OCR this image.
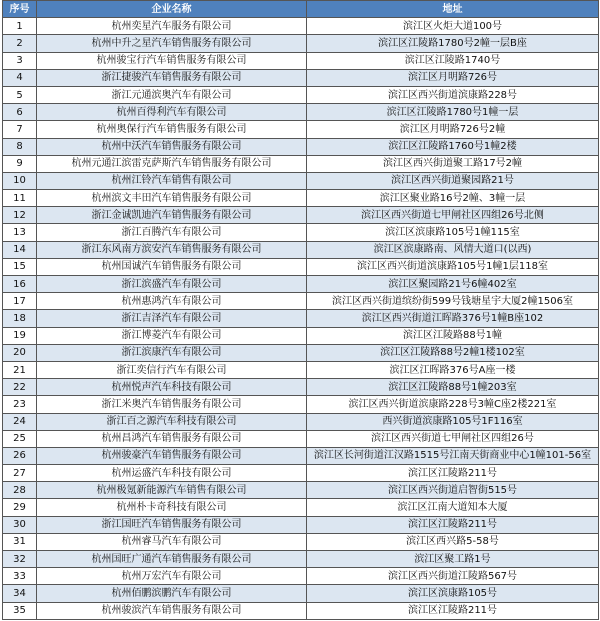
序号	企业名称	地址
1	杭州奕星汽车服务有限公司	滨江区火炬大道100号
2	杭州中升之星汽车销售服务有限公司	滨江区江陵路1780号2幢一层B座
3	杭州骏宝行汽车销售服务有限公司	滨江区江陵路1740号
4	浙江捷骏汽车销售服务有限公司	滨江区月明路726号
5	浙江元通滨奥汽车有限公司	滨江区西兴街道滨康路228号
6	杭州百得利汽车有限公司	滨江区江陵路1780号1幢一层
7	杭州奥保行汽车销售服务有限公司	滨江区月明路726号2幢
8	杭州中沃汽车销售服务有限公司	滨江区江陵路1760号1幢2楼
9	杭州元通江滨雷克萨斯汽车销售服务有限公司	滨江区西兴街道聚工路17号2幢
10	杭州江铃汽车销售有限公司	滨江区西兴街道聚园路21号
11	杭州滨文丰田汽车销售服务有限公司	滨江区聚业路16号2幢、3幢一层
12	浙江金诚凯迪汽车销售服务有限公司	滨江区西兴街道七甲闸社区四组26号北侧
13	浙江百腾汽车有限公司	滨江区滨康路105号1幢115室
14	浙江东风南方滨安汽车销售服务有限公司	滨江区滨康路南、风情大道口(以西)
15	杭州国诚汽车销售服务有限公司	滨江区西兴街道滨康路105号1幢1层118室
16	浙江滨盛汽车有限公司	滨江区聚园路21号6幢402室
17	杭州惠鸿汽车有限公司	滨江区西兴街道缤纷街599号钱塘星宇大厦2幢1506室
18	浙江吉泽汽车有限公司	滨江区西兴街道江晖路376号1幢B座102
19	浙江博菱汽车有限公司	滨江区江陵路88号1幢
20	浙江滨康汽车有限公司	滨江区江陵路88号2幢1楼102室
21	浙江奕信行汽车有限公司	滨江区江晖路376号A座一楼
22	杭州悦声汽车科技有限公司	滨江区江陵路88号1幢203室
23	浙江米奥汽车销售服务有限公司	滨江区西兴街道滨康路228号3幢C座2楼221室
24	浙江百之源汽车科技有限公司	西兴街道滨康路105号1F116室
25	杭州昌鸿汽车销售服务有限公司	滨江区西兴街道七甲闸社区四组26号
26	杭州骏豪汽车销售服务有限公司	滨江区长河街道江汉路1515号江南天街商业中心1幢101-56室
27	杭州运盛汽车科技有限公司	滨江区江陵路211号
28	杭州极氪新能源汽车销售有限公司	滨江区西兴街道启智街515号
29	杭州朴卡奇科技有限公司	滨江区江南大道知本大厦
30	浙江国旺汽车销售服务有限公司	滨江区江陵路211号
31	杭州睿马汽车有限公司	滨江区西兴路5-58号
32	杭州国旺广通汽车销售服务有限公司	滨江区聚工路1号
33	杭州万宏汽车有限公司	滨江区西兴街道江陵路567号
34	杭州佰鹏滨鹏汽车有限公司	滨江区滨康路105号
35	杭州骏滨汽车销售服务有限公司	滨江区江陵路211号
